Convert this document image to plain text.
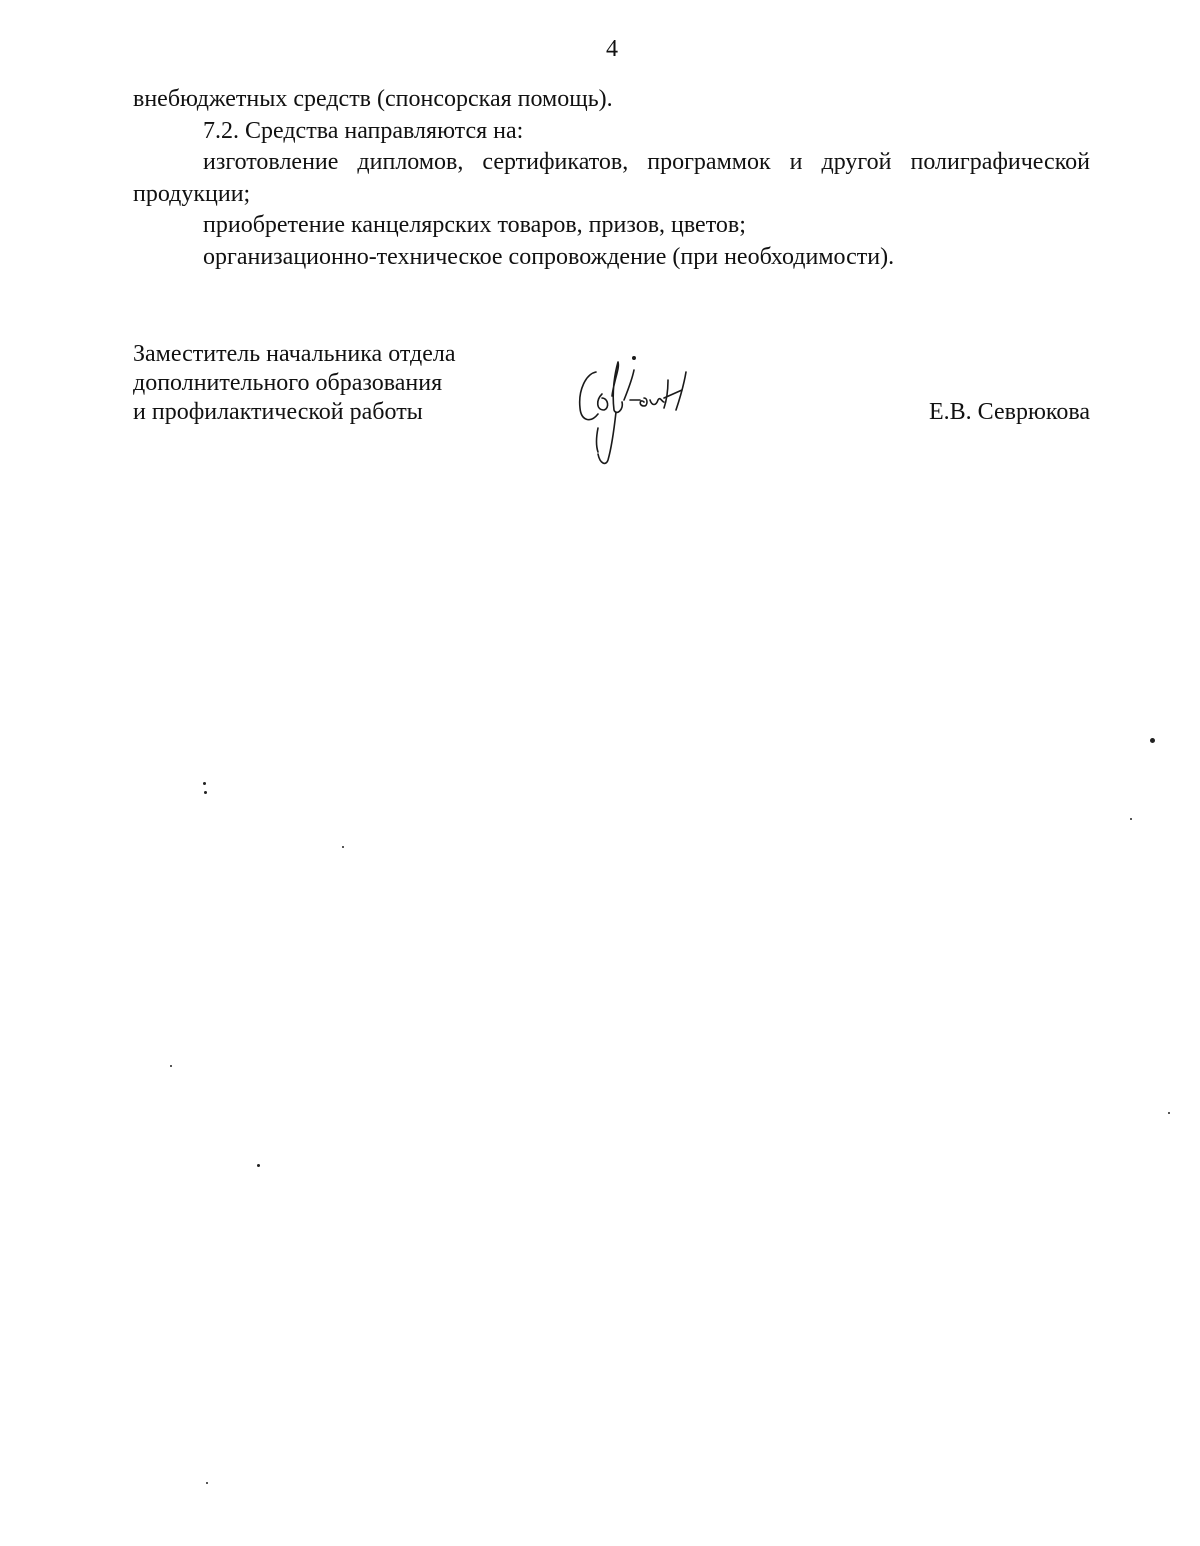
4

внебюджетных средств (спонсорская помощь).

7.2. Средства направляются на:

изготовление дипломов, сертификатов, программок и другой полиграфической продукции;

приобретение канцелярских товаров, призов, цветов;

организационно-техническое сопровождение (при необходимости).

Заместитель начальника отдела
дополнительного образования
и профилактической работы	Е.В. Севрюкова
